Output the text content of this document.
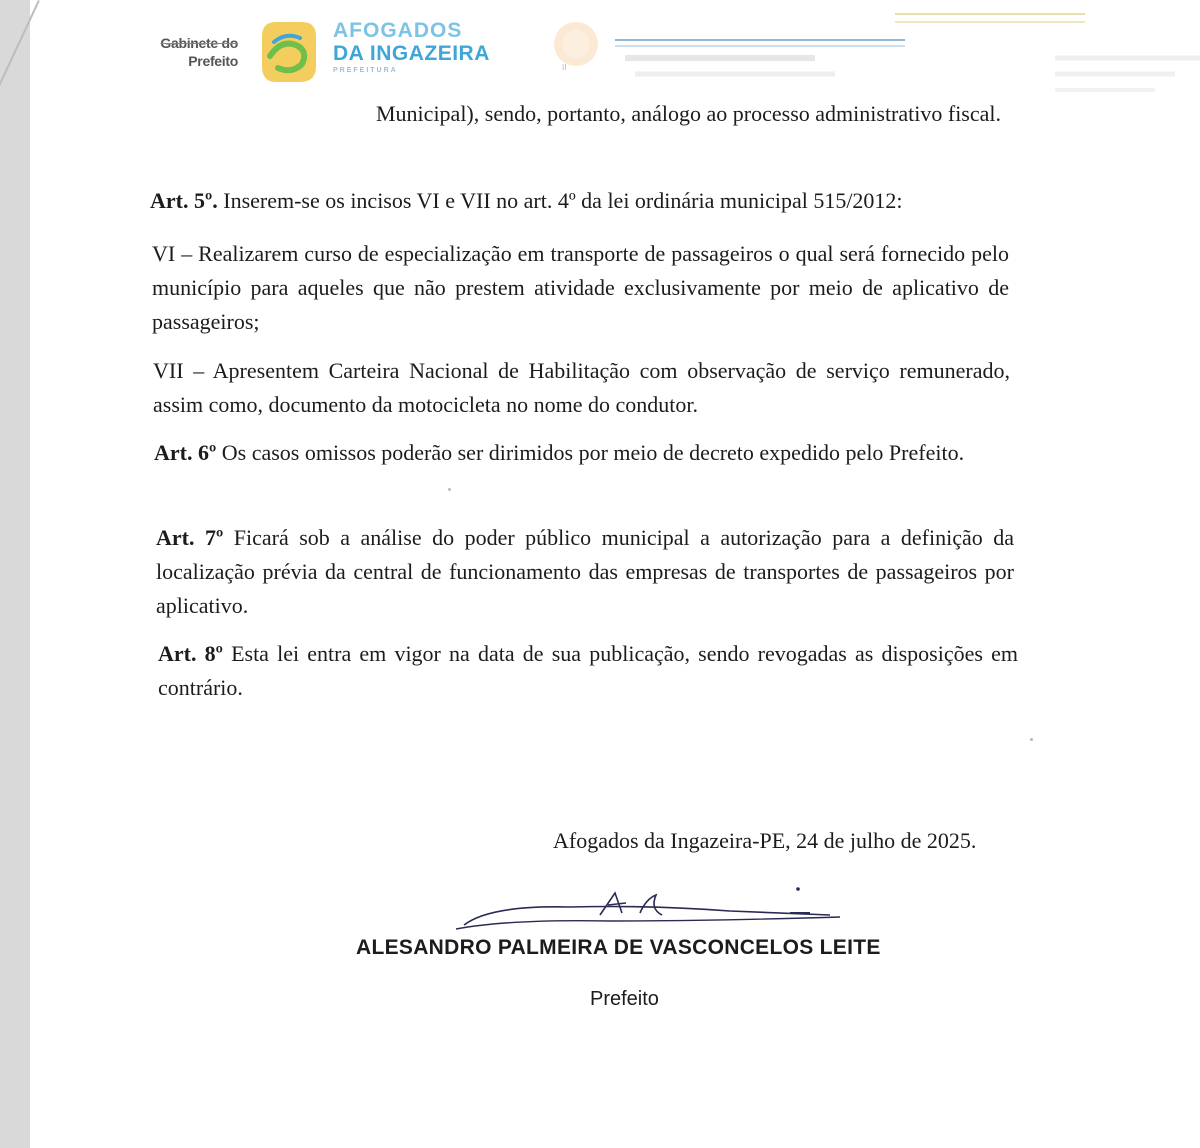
Gabinete do
Prefeito
AFOGADOS
DA INGAZEIRA
PREFEITURA	II
Municipal), sendo, portanto, análogo ao processo administrativo fiscal.
Art. 5º. Inserem-se os incisos VI e VII no art. 4º da lei ordinária municipal 515/2012:
VI – Realizarem curso de especialização em transporte de passageiros o qual será fornecido pelo município para aqueles que não prestem atividade exclusivamente por meio de aplicativo de passageiros;
VII – Apresentem Carteira Nacional de Habilitação com observação de serviço remunerado, assim como, documento da motocicleta no nome do condutor.
Art. 6º Os casos omissos poderão ser dirimidos por meio de decreto expedido pelo Prefeito.
Art. 7º Ficará sob a análise do poder público municipal a autorização para a definição da localização prévia da central de funcionamento das empresas de transportes de passageiros por aplicativo.
Art. 8º Esta lei entra em vigor na data de sua publicação, sendo revogadas as disposições em contrário.
Afogados da Ingazeira-PE, 24 de julho de 2025.
ALESANDRO PALMEIRA DE VASCONCELOS LEITE
Prefeito
